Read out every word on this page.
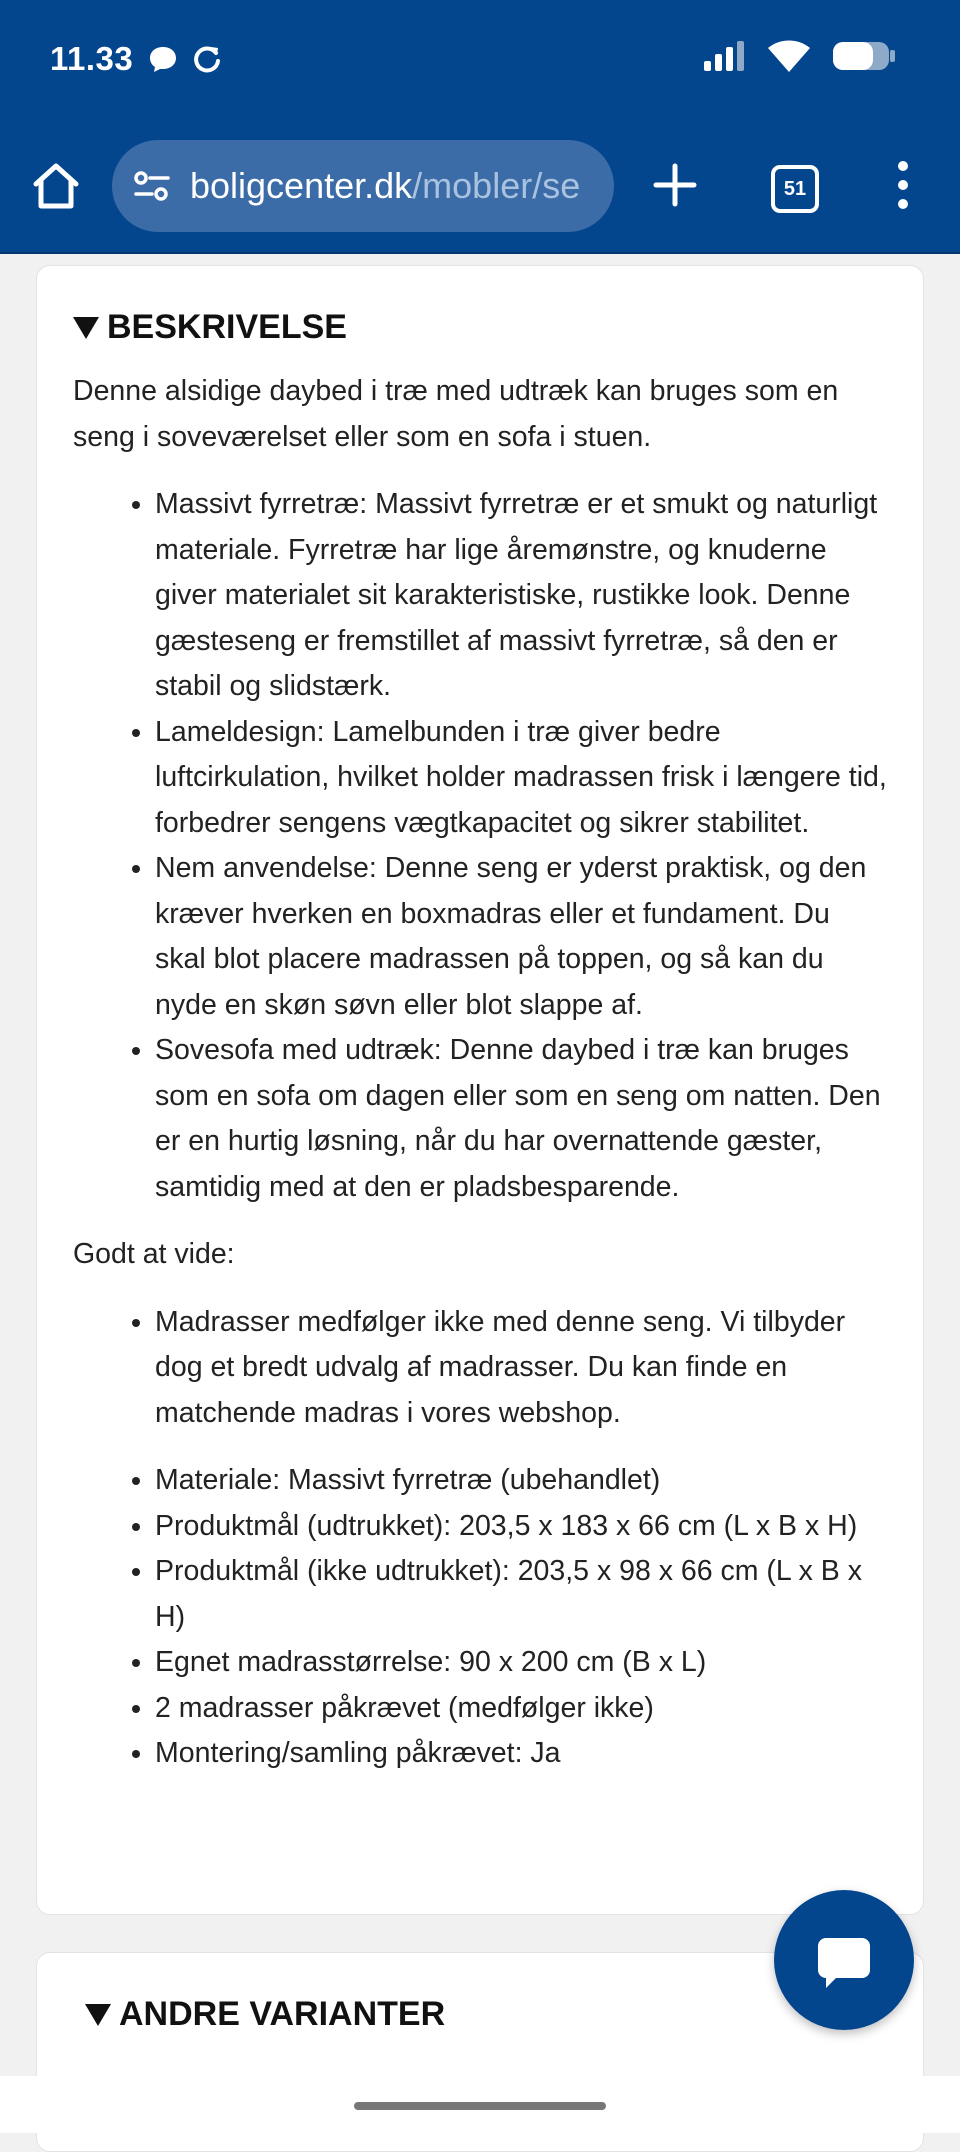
11.33
boligcenter.dk/mobler/se	51
BESKRIVELSE

Denne alsidige daybed i træ med udtræk kan bruges som en seng i soveværelset eller som en sofa i stuen.

• Massivt fyrretræ: Massivt fyrretræ er et smukt og naturligt materiale. Fyrretræ har lige åremønstre, og knuderne giver materialet sit karakteristiske, rustikke look. Denne gæsteseng er fremstillet af massivt fyrretræ, så den er stabil og slidstærk.
• Lameldesign: Lamelbunden i træ giver bedre luftcirkulation, hvilket holder madrassen frisk i længere tid, forbedrer sengens vægtkapacitet og sikrer stabilitet.
• Nem anvendelse: Denne seng er yderst praktisk, og den kræver hverken en boxmadras eller et fundament. Du skal blot placere madrassen på toppen, og så kan du nyde en skøn søvn eller blot slappe af.
• Sovesofa med udtræk: Denne daybed i træ kan bruges som en sofa om dagen eller som en seng om natten. Den er en hurtig løsning, når du har overnattende gæster, samtidig med at den er pladsbesparende.

Godt at vide:

• Madrasser medfølger ikke med denne seng. Vi tilbyder dog et bredt udvalg af madrasser. Du kan finde en matchende madras i vores webshop.
• Materiale: Massivt fyrretræ (ubehandlet)
• Produktmål (udtrukket): 203,5 x 183 x 66 cm (L x B x H)
• Produktmål (ikke udtrukket): 203,5 x 98 x 66 cm (L x B x H)
• Egnet madrasstørrelse: 90 x 200 cm (B x L)
• 2 madrasser påkrævet (medfølger ikke)
• Montering/samling påkrævet: Ja
ANDRE VARIANTER
